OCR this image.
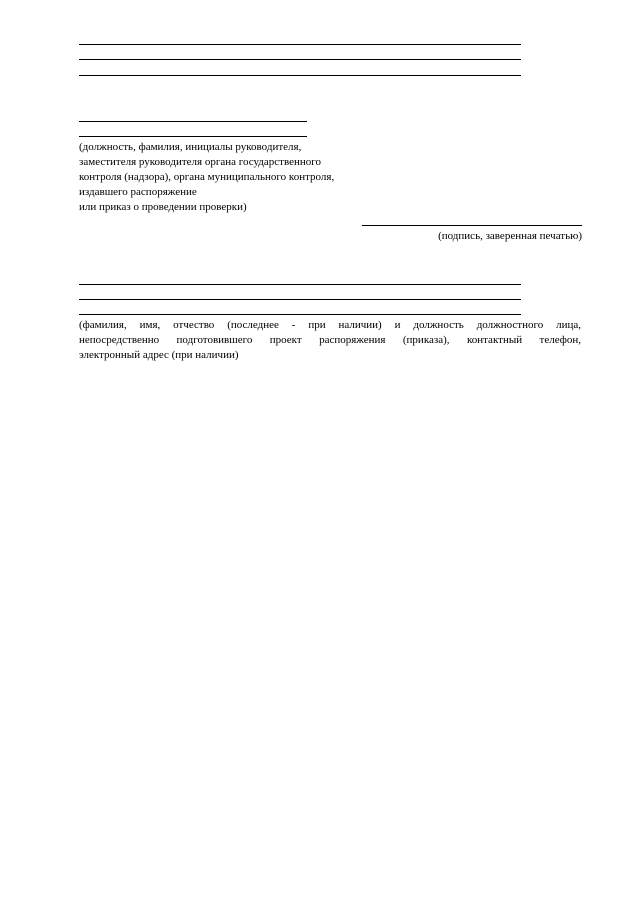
(должность, фамилия, инициалы руководителя,
заместителя руководителя органа государственного
контроля (надзора), органа муниципального контроля,
издавшего распоряжение
или приказ о проведении проверки)
(подпись, заверенная печатью)
(фамилия, имя, отчество (последнее - при наличии) и должность должностного лица,
непосредственно подготовившего проект распоряжения (приказа), контактный телефон,
электронный адрес (при наличии)
